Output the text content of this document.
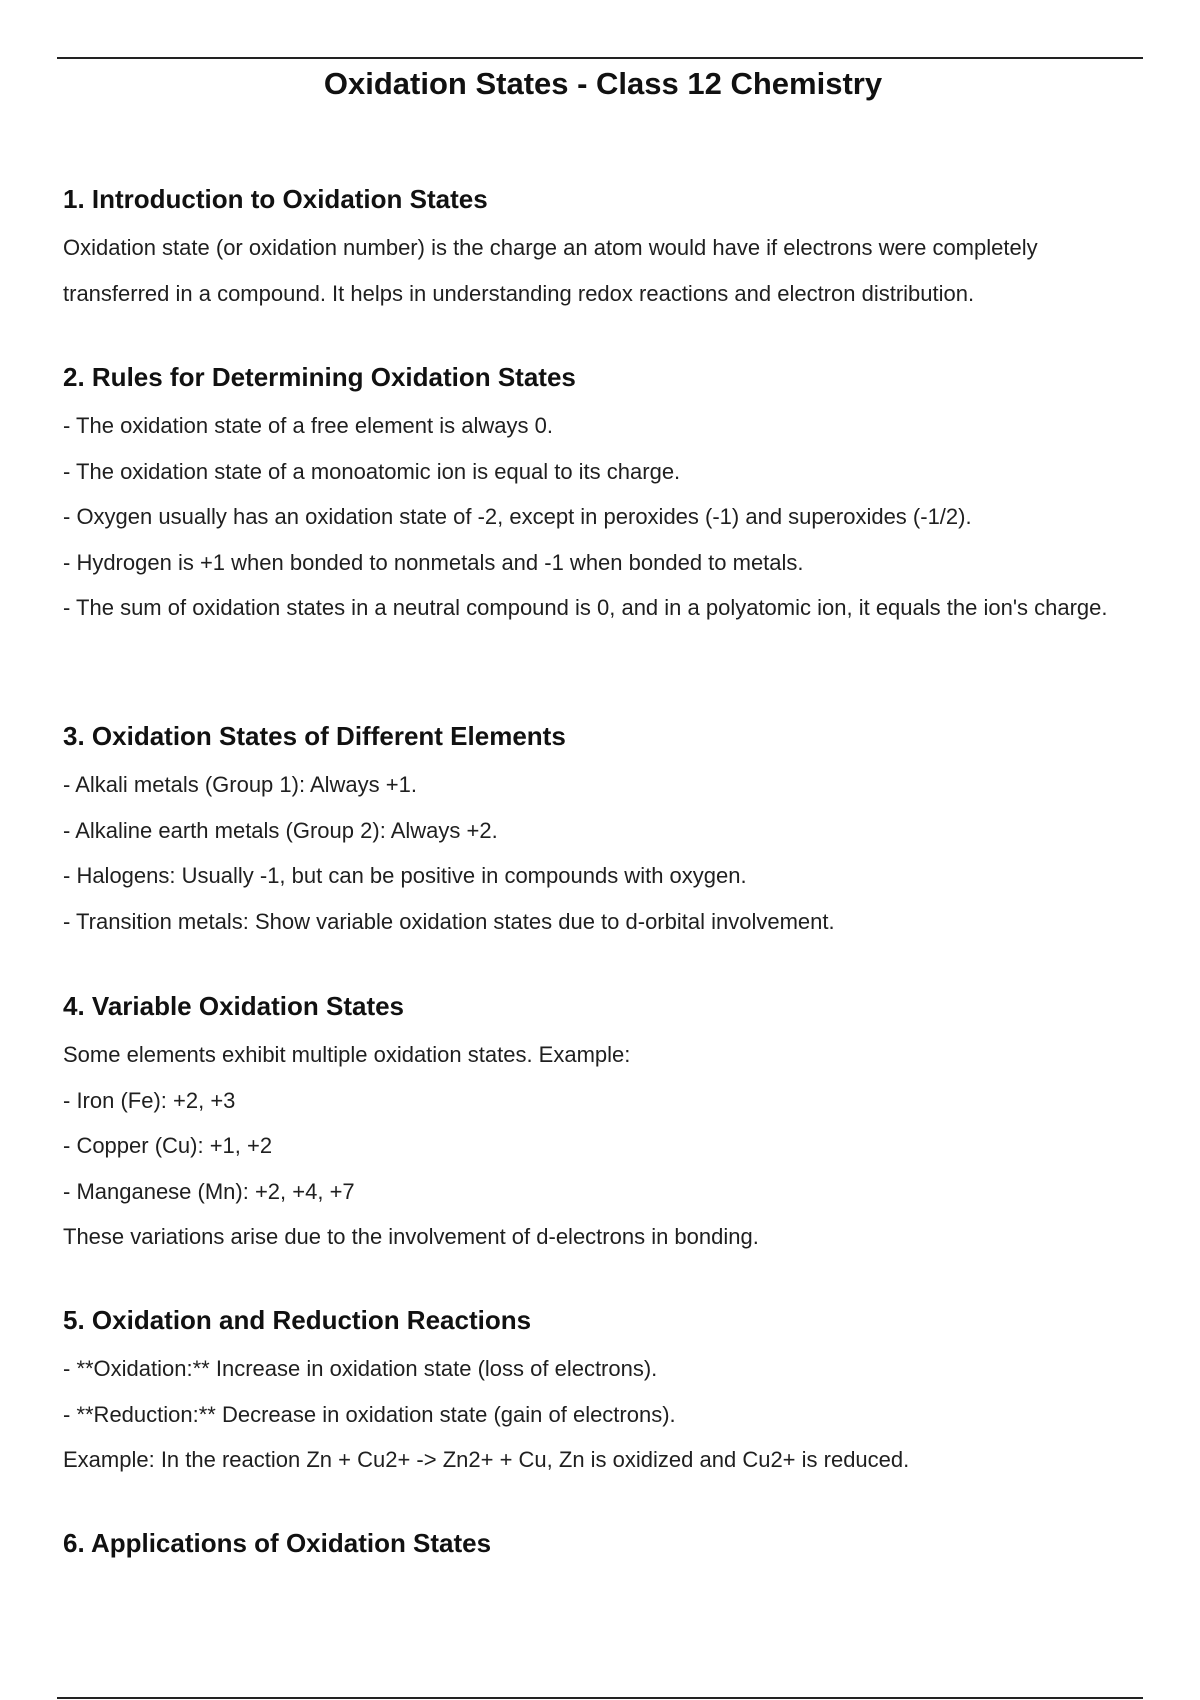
Oxidation States - Class 12 Chemistry
1. Introduction to Oxidation States

Oxidation state (or oxidation number) is the charge an atom would have if electrons were completely transferred in a compound. It helps in understanding redox reactions and electron distribution.

2. Rules for Determining Oxidation States

- The oxidation state of a free element is always 0.

- The oxidation state of a monoatomic ion is equal to its charge.

- Oxygen usually has an oxidation state of -2, except in peroxides (-1) and superoxides (-1/2).

- Hydrogen is +1 when bonded to nonmetals and -1 when bonded to metals.

- The sum of oxidation states in a neutral compound is 0, and in a polyatomic ion, it equals the ion's charge.

3. Oxidation States of Different Elements

- Alkali metals (Group 1): Always +1.

- Alkaline earth metals (Group 2): Always +2.

- Halogens: Usually -1, but can be positive in compounds with oxygen.

- Transition metals: Show variable oxidation states due to d-orbital involvement.

4. Variable Oxidation States

Some elements exhibit multiple oxidation states. Example:

- Iron (Fe): +2, +3

- Copper (Cu): +1, +2

- Manganese (Mn): +2, +4, +7

These variations arise due to the involvement of d-electrons in bonding.

5. Oxidation and Reduction Reactions

- **Oxidation:** Increase in oxidation state (loss of electrons).

- **Reduction:** Decrease in oxidation state (gain of electrons).

Example: In the reaction Zn + Cu2+ -> Zn2+ + Cu, Zn is oxidized and Cu2+ is reduced.

6. Applications of Oxidation States
